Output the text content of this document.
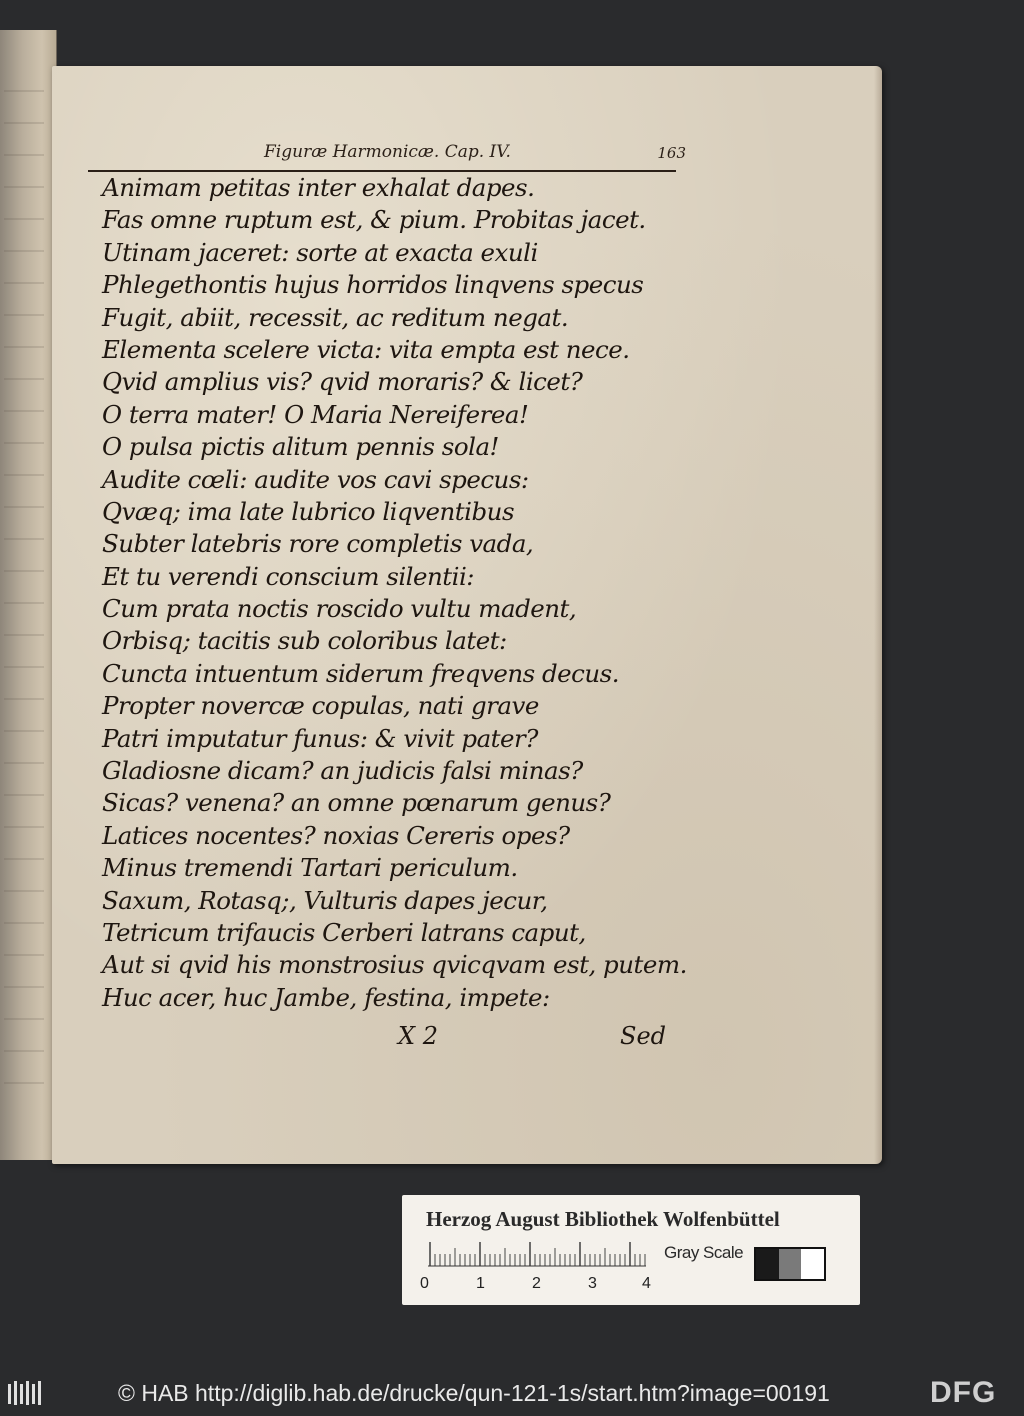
Figuræ Harmonicæ. Cap. IV.	163
Animam petitas inter exhalat dapes.
Fas omne ruptum est, & pium. Probitas jacet.
Utinam jaceret: sorte at exacta exuli
Phlegethontis hujus horridos linqvens specus
Fugit, abiit, recessit, ac reditum negat.
Elementa scelere victa: vita empta est nece.
Qvid amplius vis? qvid moraris? & licet?
O terra mater! O Maria Nereiferea!
O pulsa pictis alitum pennis sola!
Audite cœli: audite vos cavi specus:
Qvæq; ima late lubrico liqventibus
Subter latebris rore completis vada,
Et tu verendi conscium silentii:
Cum prata noctis roscido vultu madent,
Orbisq; tacitis sub coloribus latet:
Cuncta intuentum siderum freqvens decus.
Propter novercæ copulas, nati grave
Patri imputatur funus: & vivit pater?
Gladiosne dicam? an judicis falsi minas?
Sicas? venena? an omne pœnarum genus?
Latices nocentes? noxias Cereris opes?
Minus tremendi Tartari periculum.
Saxum, Rotasq;, Vulturis dapes jecur,
Tetricum trifaucis Cerberi latrans caput,
Aut si qvid his monstrosius qvicqvam est, putem.
Huc acer, huc Jambe, festina, impete:
X 2	Sed
Herzog August Bibliothek Wolfenbüttel
0	1	2	3	4
Gray Scale
© HAB http://diglib.hab.de/drucke/qun-121-1s/start.htm?image=00191	DFG
